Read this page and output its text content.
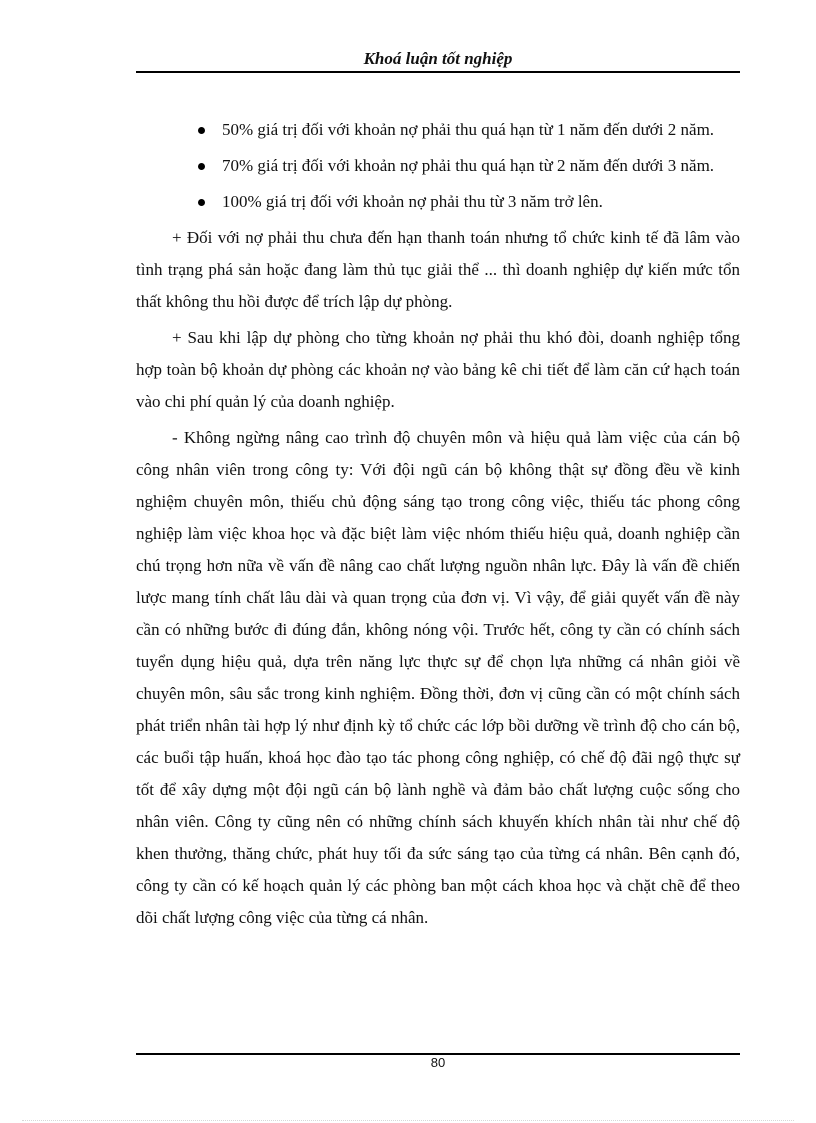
Khoá luận tốt nghiệp
50% giá trị đối với khoản nợ phải thu quá hạn từ 1 năm đến dưới 2 năm.
70% giá trị đối với khoản nợ phải thu quá hạn từ 2 năm đến dưới 3 năm.
100% giá trị đối với khoản nợ phải thu từ 3 năm trở lên.

+ Đối với nợ phải thu chưa đến hạn thanh toán nhưng tổ chức kinh tế đã lâm vào tình trạng phá sản hoặc đang làm thủ tục giải thể ... thì doanh nghiệp dự kiến mức tổn thất không thu hồi được để trích lập dự phòng.

+ Sau khi lập dự phòng cho từng khoản nợ phải thu khó đòi, doanh nghiệp tổng hợp toàn bộ khoản dự phòng các khoản nợ vào bảng kê chi tiết để làm căn cứ hạch toán vào chi phí quản lý của doanh nghiệp.

- Không ngừng nâng cao trình độ chuyên môn và hiệu quả làm việc của cán bộ công nhân viên trong công ty: Với đội ngũ cán bộ không thật sự đồng đều về kinh nghiệm chuyên môn, thiếu chủ động sáng tạo trong công việc, thiếu tác phong công nghiệp làm việc khoa học và đặc biệt làm việc nhóm thiếu hiệu quả, doanh nghiệp cần chú trọng hơn nữa về vấn đề nâng cao chất lượng nguồn nhân lực. Đây là vấn đề chiến lược mang tính chất lâu dài và quan trọng của đơn vị. Vì vậy, để giải quyết vấn đề này cần có những bước đi đúng đắn, không nóng vội. Trước hết, công ty cần có chính sách tuyển dụng hiệu quả, dựa trên năng lực thực sự để chọn lựa những cá nhân giỏi về chuyên môn, sâu sắc trong kinh nghiệm. Đồng thời, đơn vị cũng cần có một chính sách phát triển nhân tài hợp lý như định kỳ tổ chức các lớp bồi dưỡng về trình độ cho cán bộ, các buổi tập huấn, khoá học đào tạo tác phong công nghiệp, có chế độ đãi ngộ thực sự tốt để xây dựng một đội ngũ cán bộ lành nghề và đảm bảo chất lượng cuộc sống cho nhân viên. Công ty cũng nên có những chính sách khuyến khích nhân tài như chế độ khen thưởng, thăng chức, phát huy tối đa sức sáng tạo của từng cá nhân. Bên cạnh đó, công ty cần có kế hoạch quản lý các phòng ban một cách khoa học và chặt chẽ để theo dõi chất lượng công việc của từng cá nhân.

80
